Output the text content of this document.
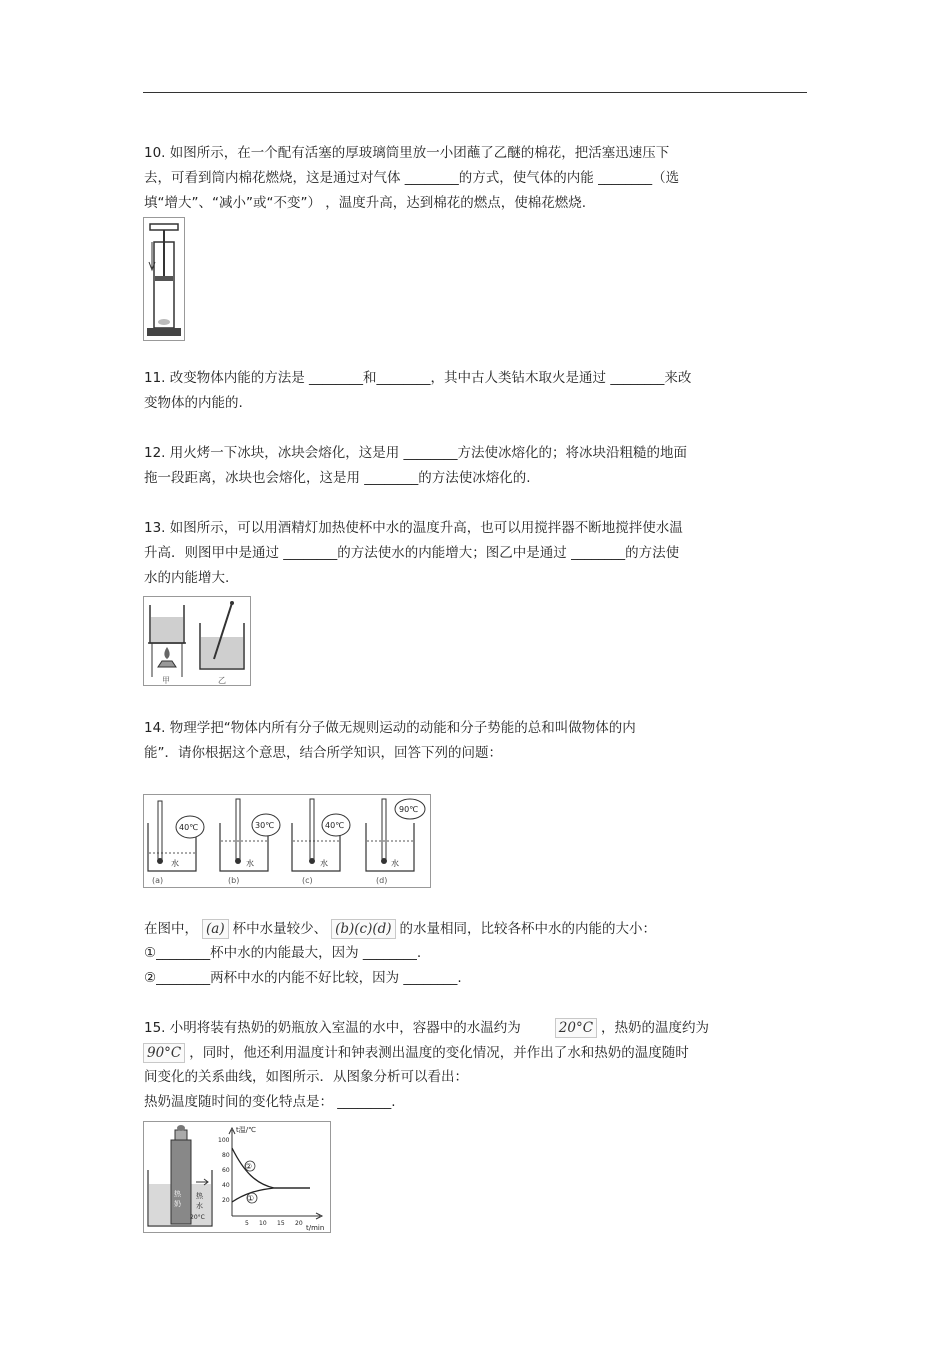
10. 如图所示，在一个配有活塞的厚玻璃筒里放一小团蘸了乙醚的棉花，把活塞迅速压下
去，可看到筒内棉花燃烧，这是通过对气体 ________的方式，使气体的内能 ________（选
填“增大”、“减小”或“不变”） ，温度升高，达到棉花的燃点，使棉花燃烧.
11. 改变物体内能的方法是 ________和________，其中古人类钻木取火是通过 ________来改
变物体的内能的.
12. 用火烤一下冰块，冰块会熔化，这是用 ________方法使冰熔化的；将冰块沿粗糙的地面
拖一段距离，冰块也会熔化，这是用 ________的方法使冰熔化的.
13. 如图所示，可以用酒精灯加热使杯中水的温度升高，也可以用搅拌器不断地搅拌使水温
升高．则图甲中是通过 ________的方法使水的内能增大；图乙中是通过 ________的方法使
水的内能增大.
甲	乙
14. 物理学把“物体内所有分子做无规则运动的动能和分子势能的总和叫做物体的内
能”．请你根据这个意思，结合所学知识，回答下列的问题：
40℃
水
(a)
30℃
水
(b)
40℃
水
(c)
90℃
水
(d)
在图中， (a) 杯中水量较少、 (b)(c)(d) 的水量相同，比较各杯中水的内能的大小：
①________杯中水的内能最大，因为 ________.
②________两杯中水的内能不好比较，因为 ________.
15. 小明将装有热奶的奶瓶放入室温的水中，容器中的水温约为	20°C ，热奶的温度约为
90°C ，同时，他还利用温度计和钟表测出温度的变化情况，并作出了水和热奶的温度随时
间变化的关系曲线，如图所示．从图象分析可以看出：
热奶温度随时间的变化特点是： ________.
热
奶
热
水
20°C
t温/℃
100
80
60
40
20
5 10 15 20
t/min
②
①
